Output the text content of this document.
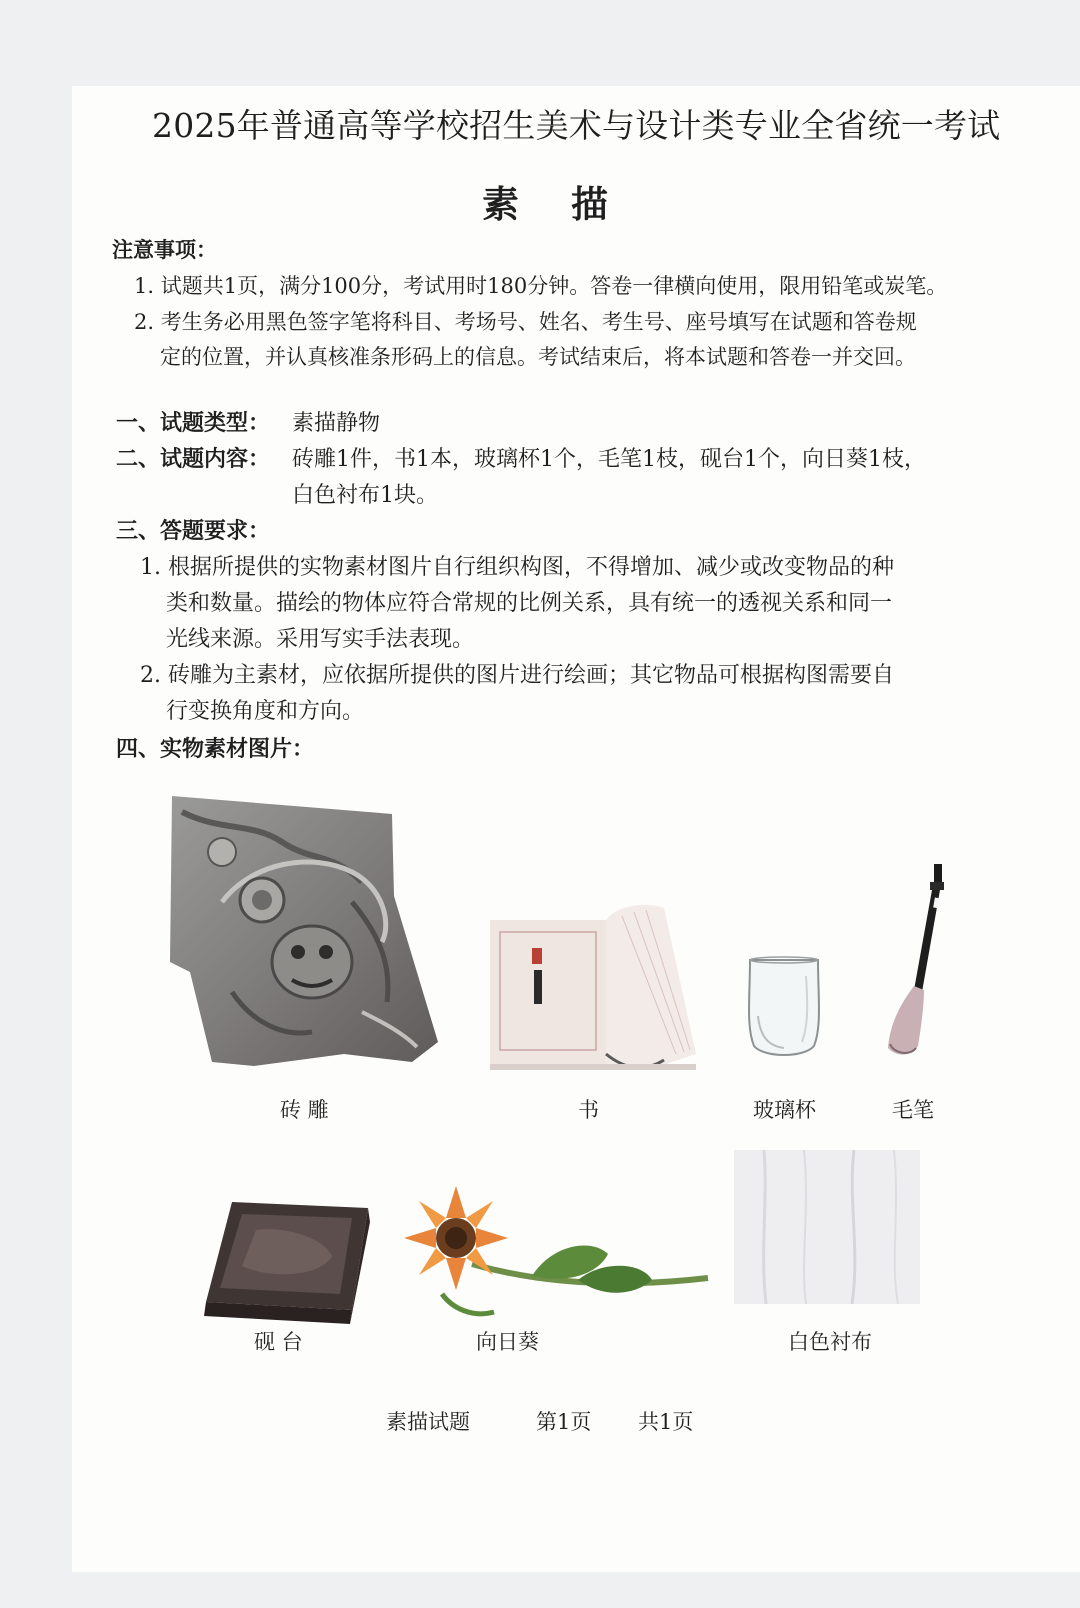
2025年普通高等学校招生美术与设计类专业全省统一考试
素描
注意事项：
1. 试题共1页，满分100分，考试用时180分钟。答卷一律横向使用，限用铅笔或炭笔。
2. 考生务必用黑色签字笔将科目、考场号、姓名、考生号、座号填写在试题和答卷规
定的位置，并认真核准条形码上的信息。考试结束后，将本试题和答卷一并交回。
一、试题类型： 素描静物
二、试题内容： 砖雕1件，书1本，玻璃杯1个，毛笔1枝，砚台1个，向日葵1枝，
白色衬布1块。
三、答题要求：
1. 根据所提供的实物素材图片自行组织构图，不得增加、减少或改变物品的种
类和数量。描绘的物体应符合常规的比例关系，具有统一的透视关系和同一
光线来源。采用写实手法表现。
2. 砖雕为主素材，应依据所提供的图片进行绘画；其它物品可根据构图需要自
行变换角度和方向。
四、实物素材图片：
砖 雕	书	玻璃杯	毛笔
砚 台	向日葵	白色衬布
素描试题	第1页 共1页
